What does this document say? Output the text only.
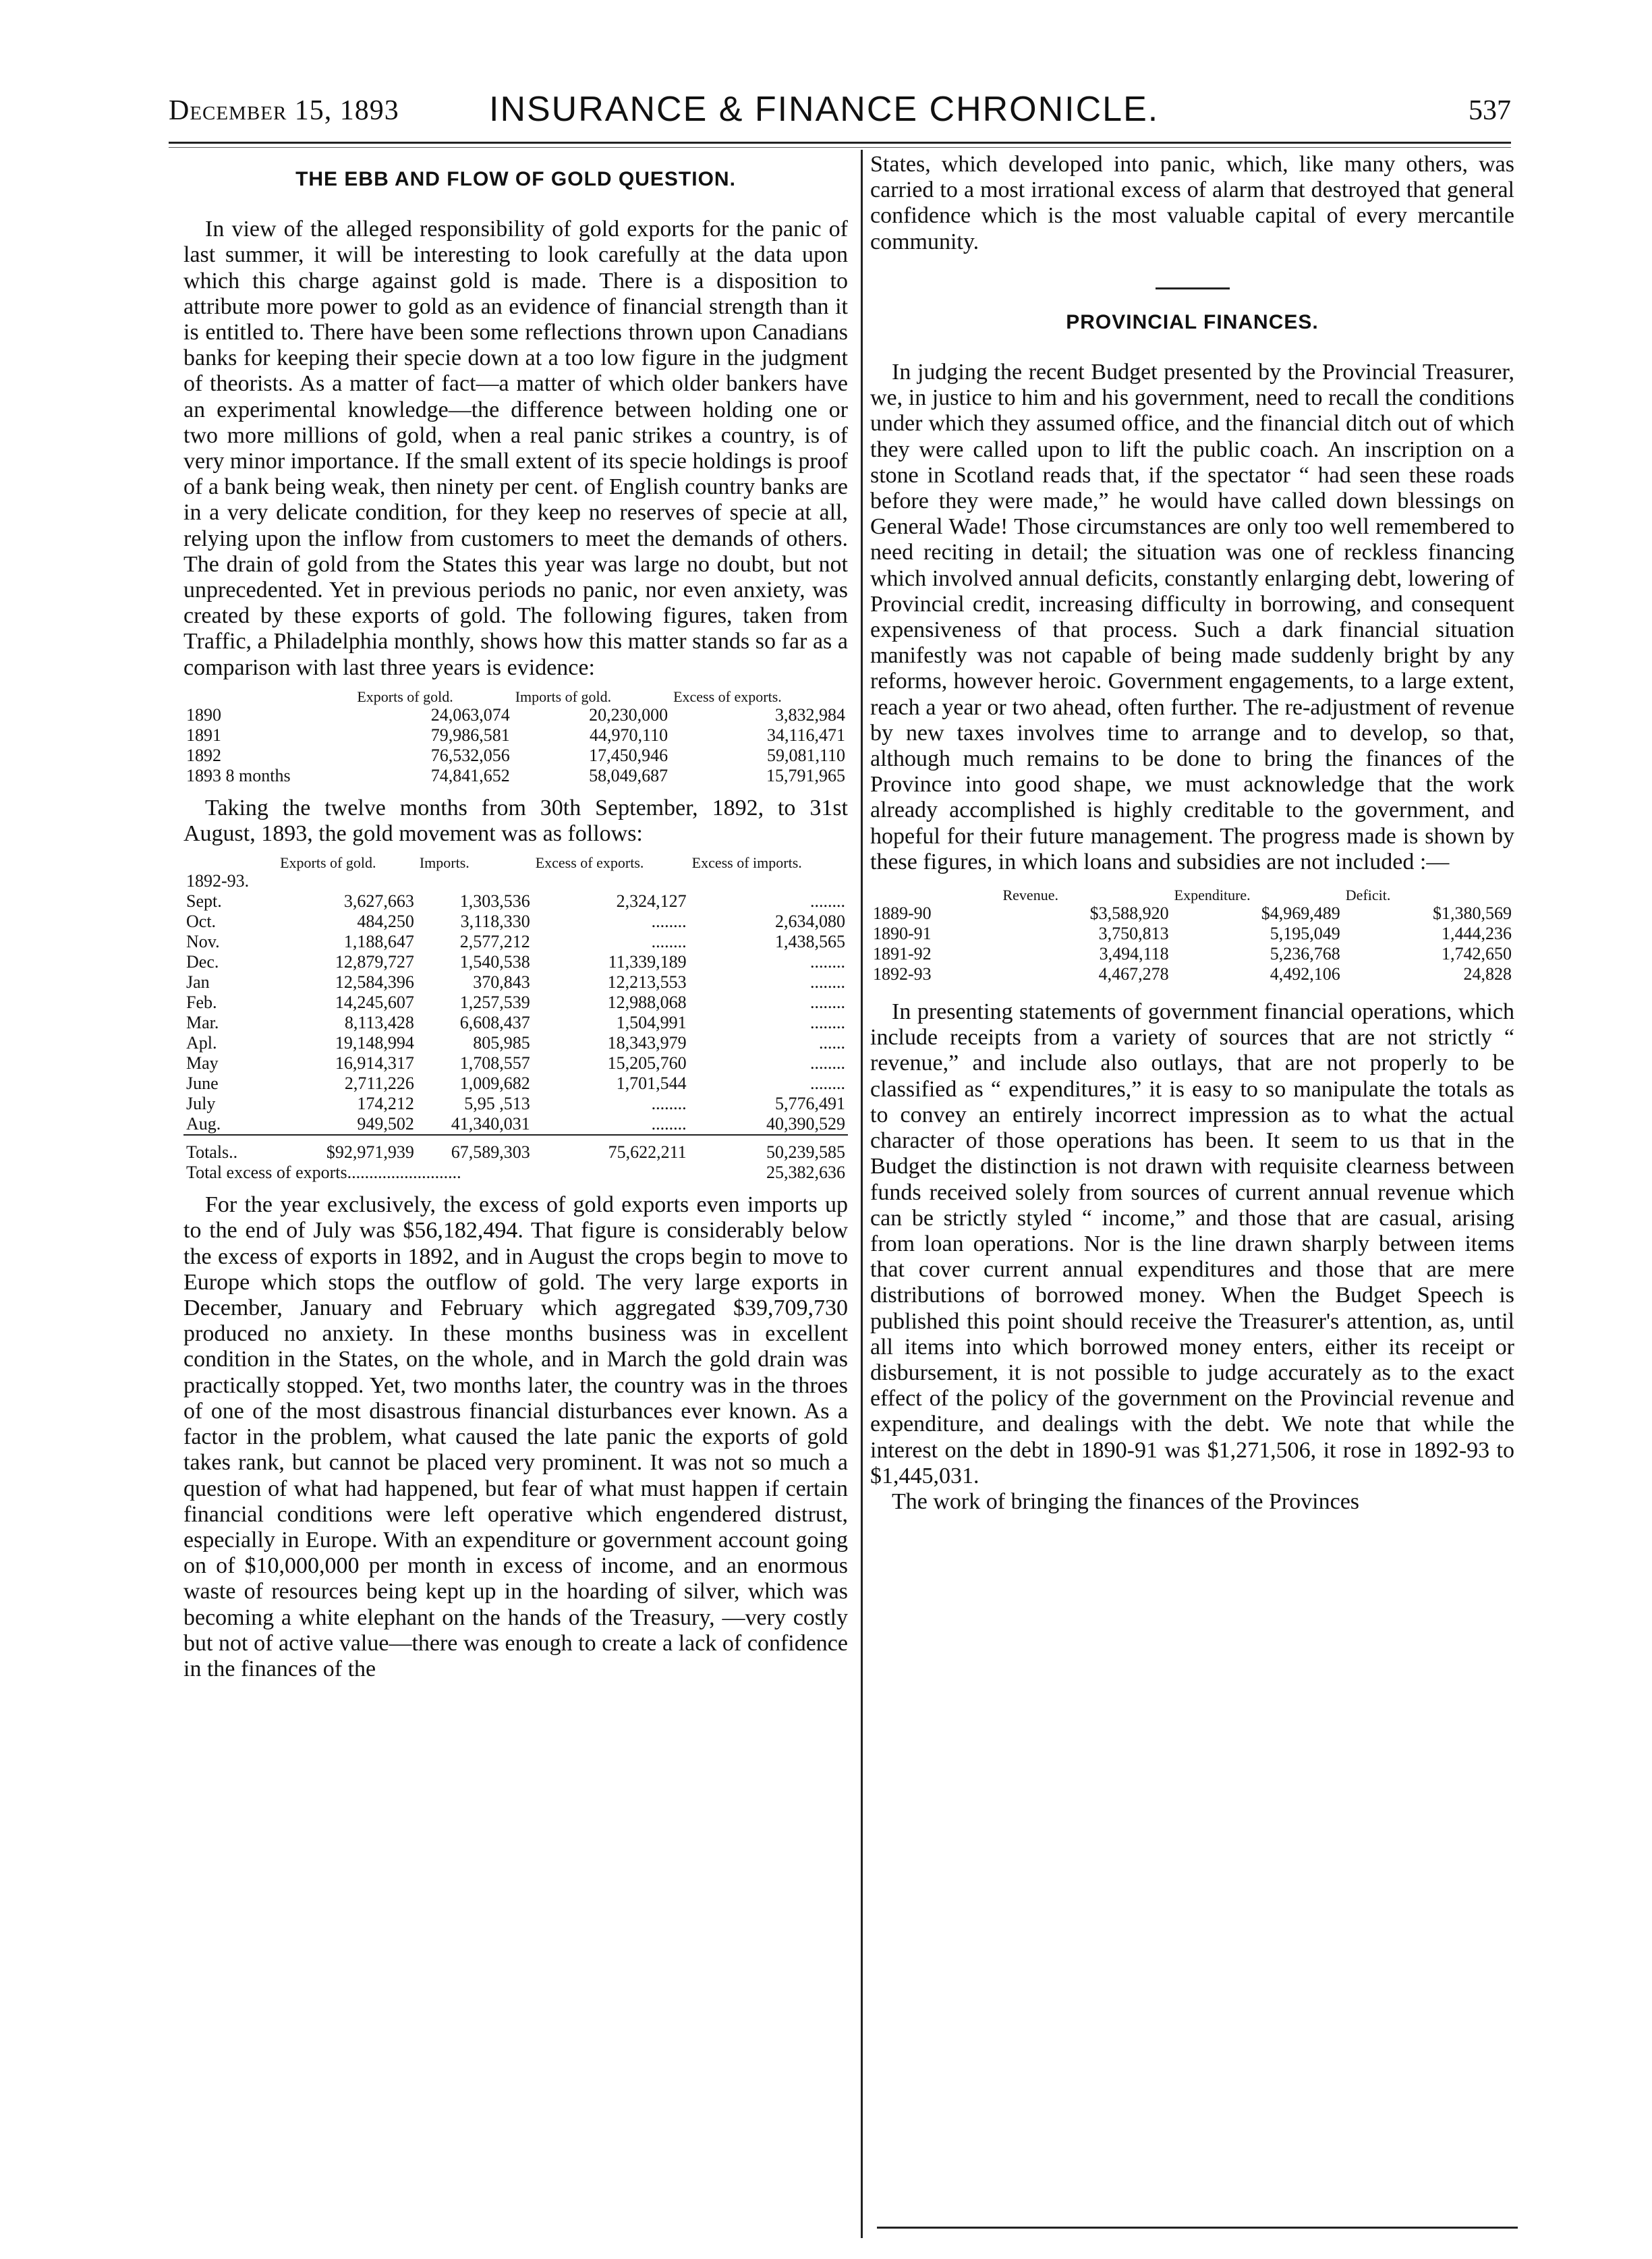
December 15, 1893	INSURANCE & FINANCE CHRONICLE.	537
THE EBB AND FLOW OF GOLD QUESTION.

In view of the alleged responsibility of gold exports for the panic of last summer, it will be interesting to look carefully at the data upon which this charge against gold is made. There is a disposition to attribute more power to gold as an evidence of financial strength than it is entitled to. There have been some reflections thrown upon Canadians banks for keeping their specie down at a too low figure in the judgment of theorists. As a matter of fact—a matter of which older bankers have an experimental knowledge—the difference between holding one or two more millions of gold, when a real panic strikes a country, is of very minor importance. If the small extent of its specie holdings is proof of a bank being weak, then ninety per cent. of English country banks are in a very delicate condition, for they keep no reserves of specie at all, relying upon the inflow from customers to meet the demands of others. The drain of gold from the States this year was large no doubt, but not unprecedented. Yet in previous periods no panic, nor even anxiety, was created by these exports of gold. The following figures, taken from Traffic, a Philadelphia monthly, shows how this matter stands so far as a comparison with last three years is evidence:

	Exports of gold.	Imports of gold.	Excess of exports.
1890	24,063,074	20,230,000	3,832,984
1891	79,986,581	44,970,110	34,116,471
1892	76,532,056	17,450,946	59,081,110
1893 8 months	74,841,652	58,049,687	15,791,965

Taking the twelve months from 30th September, 1892, to 31st August, 1893, the gold movement was as follows:

	Exports of gold.	Imports.	Excess of exports.	Excess of imports.
1892-93.				
Sept.	3,627,663	1,303,536	2,324,127	........
Oct.	484,250	3,118,330	........	2,634,080
Nov.	1,188,647	2,577,212	........	1,438,565
Dec.	12,879,727	1,540,538	11,339,189	........
Jan	12,584,396	370,843	12,213,553	........
Feb.	14,245,607	1,257,539	12,988,068	........
Mar.	8,113,428	6,608,437	1,504,991	........
Apl.	19,148,994	805,985	18,343,979	......
May	16,914,317	1,708,557	15,205,760	........
June	2,711,226	1,009,682	1,701,544	........
July	174,212	5,95 ,513	........	5,776,491
Aug.	949,502	41,340,031	........	40,390,529
Totals..	$92,971,939	67,589,303	75,622,211	50,239,585
Total excess of exports..........................				25,382,636

For the year exclusively, the excess of gold exports even imports up to the end of July was $56,182,494. That figure is considerably below the excess of exports in 1892, and in August the crops begin to move to Europe which stops the outflow of gold. The very large exports in December, January and February which aggregated $39,709,730 produced no anxiety. In these months business was in excellent condition in the States, on the whole, and in March the gold drain was practically stopped. Yet, two months later, the country was in the throes of one of the most disastrous financial disturbances ever known. As a factor in the problem, what caused the late panic the exports of gold takes rank, but cannot be placed very prominent. It was not so much a question of what had happened, but fear of what must happen if certain financial conditions were left operative which engendered distrust, especially in Europe. With an expenditure or government account going on of $10,000,000 per month in excess of income, and an enormous waste of resources being kept up in the hoarding of silver, which was becoming a white elephant on the hands of the Treasury, —very costly but not of active value—there was enough to create a lack of confidence in the finances of the

States, which developed into panic, which, like many others, was carried to a most irrational excess of alarm that destroyed that general confidence which is the most valuable capital of every mercantile community.

PROVINCIAL FINANCES.

In judging the recent Budget presented by the Provincial Treasurer, we, in justice to him and his government, need to recall the conditions under which they assumed office, and the financial ditch out of which they were called upon to lift the public coach. An inscription on a stone in Scotland reads that, if the spectator “ had seen these roads before they were made,” he would have called down blessings on General Wade! Those circumstances are only too well remembered to need reciting in detail; the situation was one of reckless financing which involved annual deficits, constantly enlarging debt, lowering of Provincial credit, increasing difficulty in borrowing, and consequent expensiveness of that process. Such a dark financial situation manifestly was not capable of being made suddenly bright by any reforms, however heroic. Government engagements, to a large extent, reach a year or two ahead, often further. The re-adjustment of revenue by new taxes involves time to arrange and to develop, so that, although much remains to be done to bring the finances of the Province into good shape, we must acknowledge that the work already accomplished is highly creditable to the government, and hopeful for their future management. The progress made is shown by these figures, in which loans and subsidies are not included :—

	Revenue.	Expenditure.	Deficit.
1889-90	$3,588,920	$4,969,489	$1,380,569
1890-91	3,750,813	5,195,049	1,444,236
1891-92	3,494,118	5,236,768	1,742,650
1892-93	4,467,278	4,492,106	24,828

In presenting statements of government financial operations, which include receipts from a variety of sources that are not strictly “ revenue,” and include also outlays, that are not properly to be classified as “ expenditures,” it is easy to so manipulate the totals as to convey an entirely incorrect impression as to what the actual character of those operations has been. It seem to us that in the Budget the distinction is not drawn with requisite clearness between funds received solely from sources of current annual revenue which can be strictly styled “ income,” and those that are casual, arising from loan operations. Nor is the line drawn sharply between items that cover current annual expenditures and those that are mere distributions of borrowed money. When the Budget Speech is published this point should receive the Treasurer's attention, as, until all items into which borrowed money enters, either its receipt or disbursement, it is not possible to judge accurately as to the exact effect of the policy of the government on the Provincial revenue and expenditure, and dealings with the debt. We note that while the interest on the debt in 1890-91 was $1,271,506, it rose in 1892-93 to $1,445,031.

The work of bringing the finances of the Provinces
